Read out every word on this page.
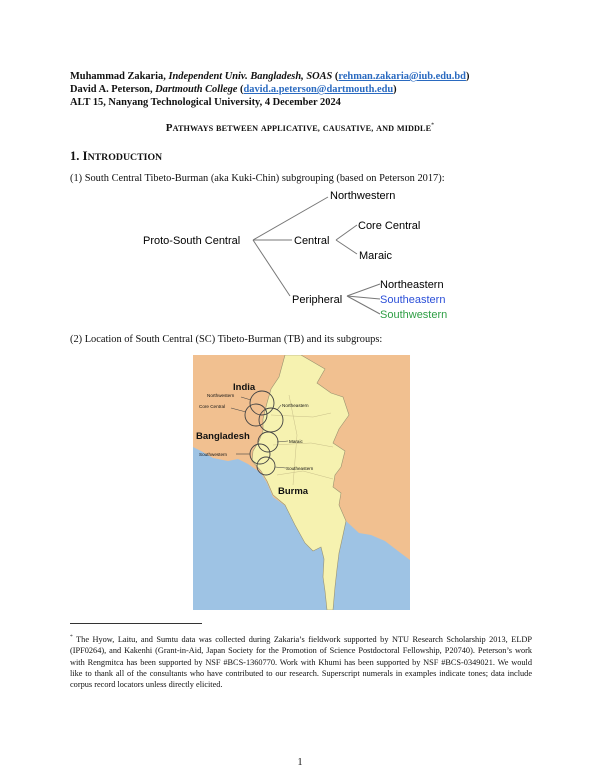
Muhammad Zakaria, Independent Univ. Bangladesh, SOAS (rehman.zakaria@iub.edu.bd)
David A. Peterson, Dartmouth College (david.a.peterson@dartmouth.edu)
ALT 15, Nanyang Technological University, 4 December 2024
PATHWAYS BETWEEN APPLICATIVE, CAUSATIVE, AND MIDDLE*
1. INTRODUCTION
(1) South Central Tibeto-Burman (aka Kuki-Chin) subgrouping (based on Peterson 2017):
Proto-South Central
Northwestern
Central
Core Central
Maraic
Peripheral
Northeastern
Southeastern
Southwestern
(2) Location of South Central (SC) Tibeto-Burman (TB) and its subgroups:
India
Bangladesh
Burma
Northwestern
Core Central	Northeastern
Maraic
Southwestern
Southeastern
* The Hyow, Laitu, and Sumtu data was collected during Zakaria’s fieldwork supported by NTU Research Scholarship 2013, ELDP (IPF0264), and Kakenhi (Grant-in-Aid, Japan Society for the Promotion of Science Postdoctoral Fellowship, P20740). Peterson’s work with Rengmitca has been supported by NSF #BCS-1360770. Work with Khumi has been supported by NSF #BCS-0349021. We would like to thank all of the consultants who have contributed to our research. Superscript numerals in examples indicate tones; data include corpus record locators unless directly elicited.
1
